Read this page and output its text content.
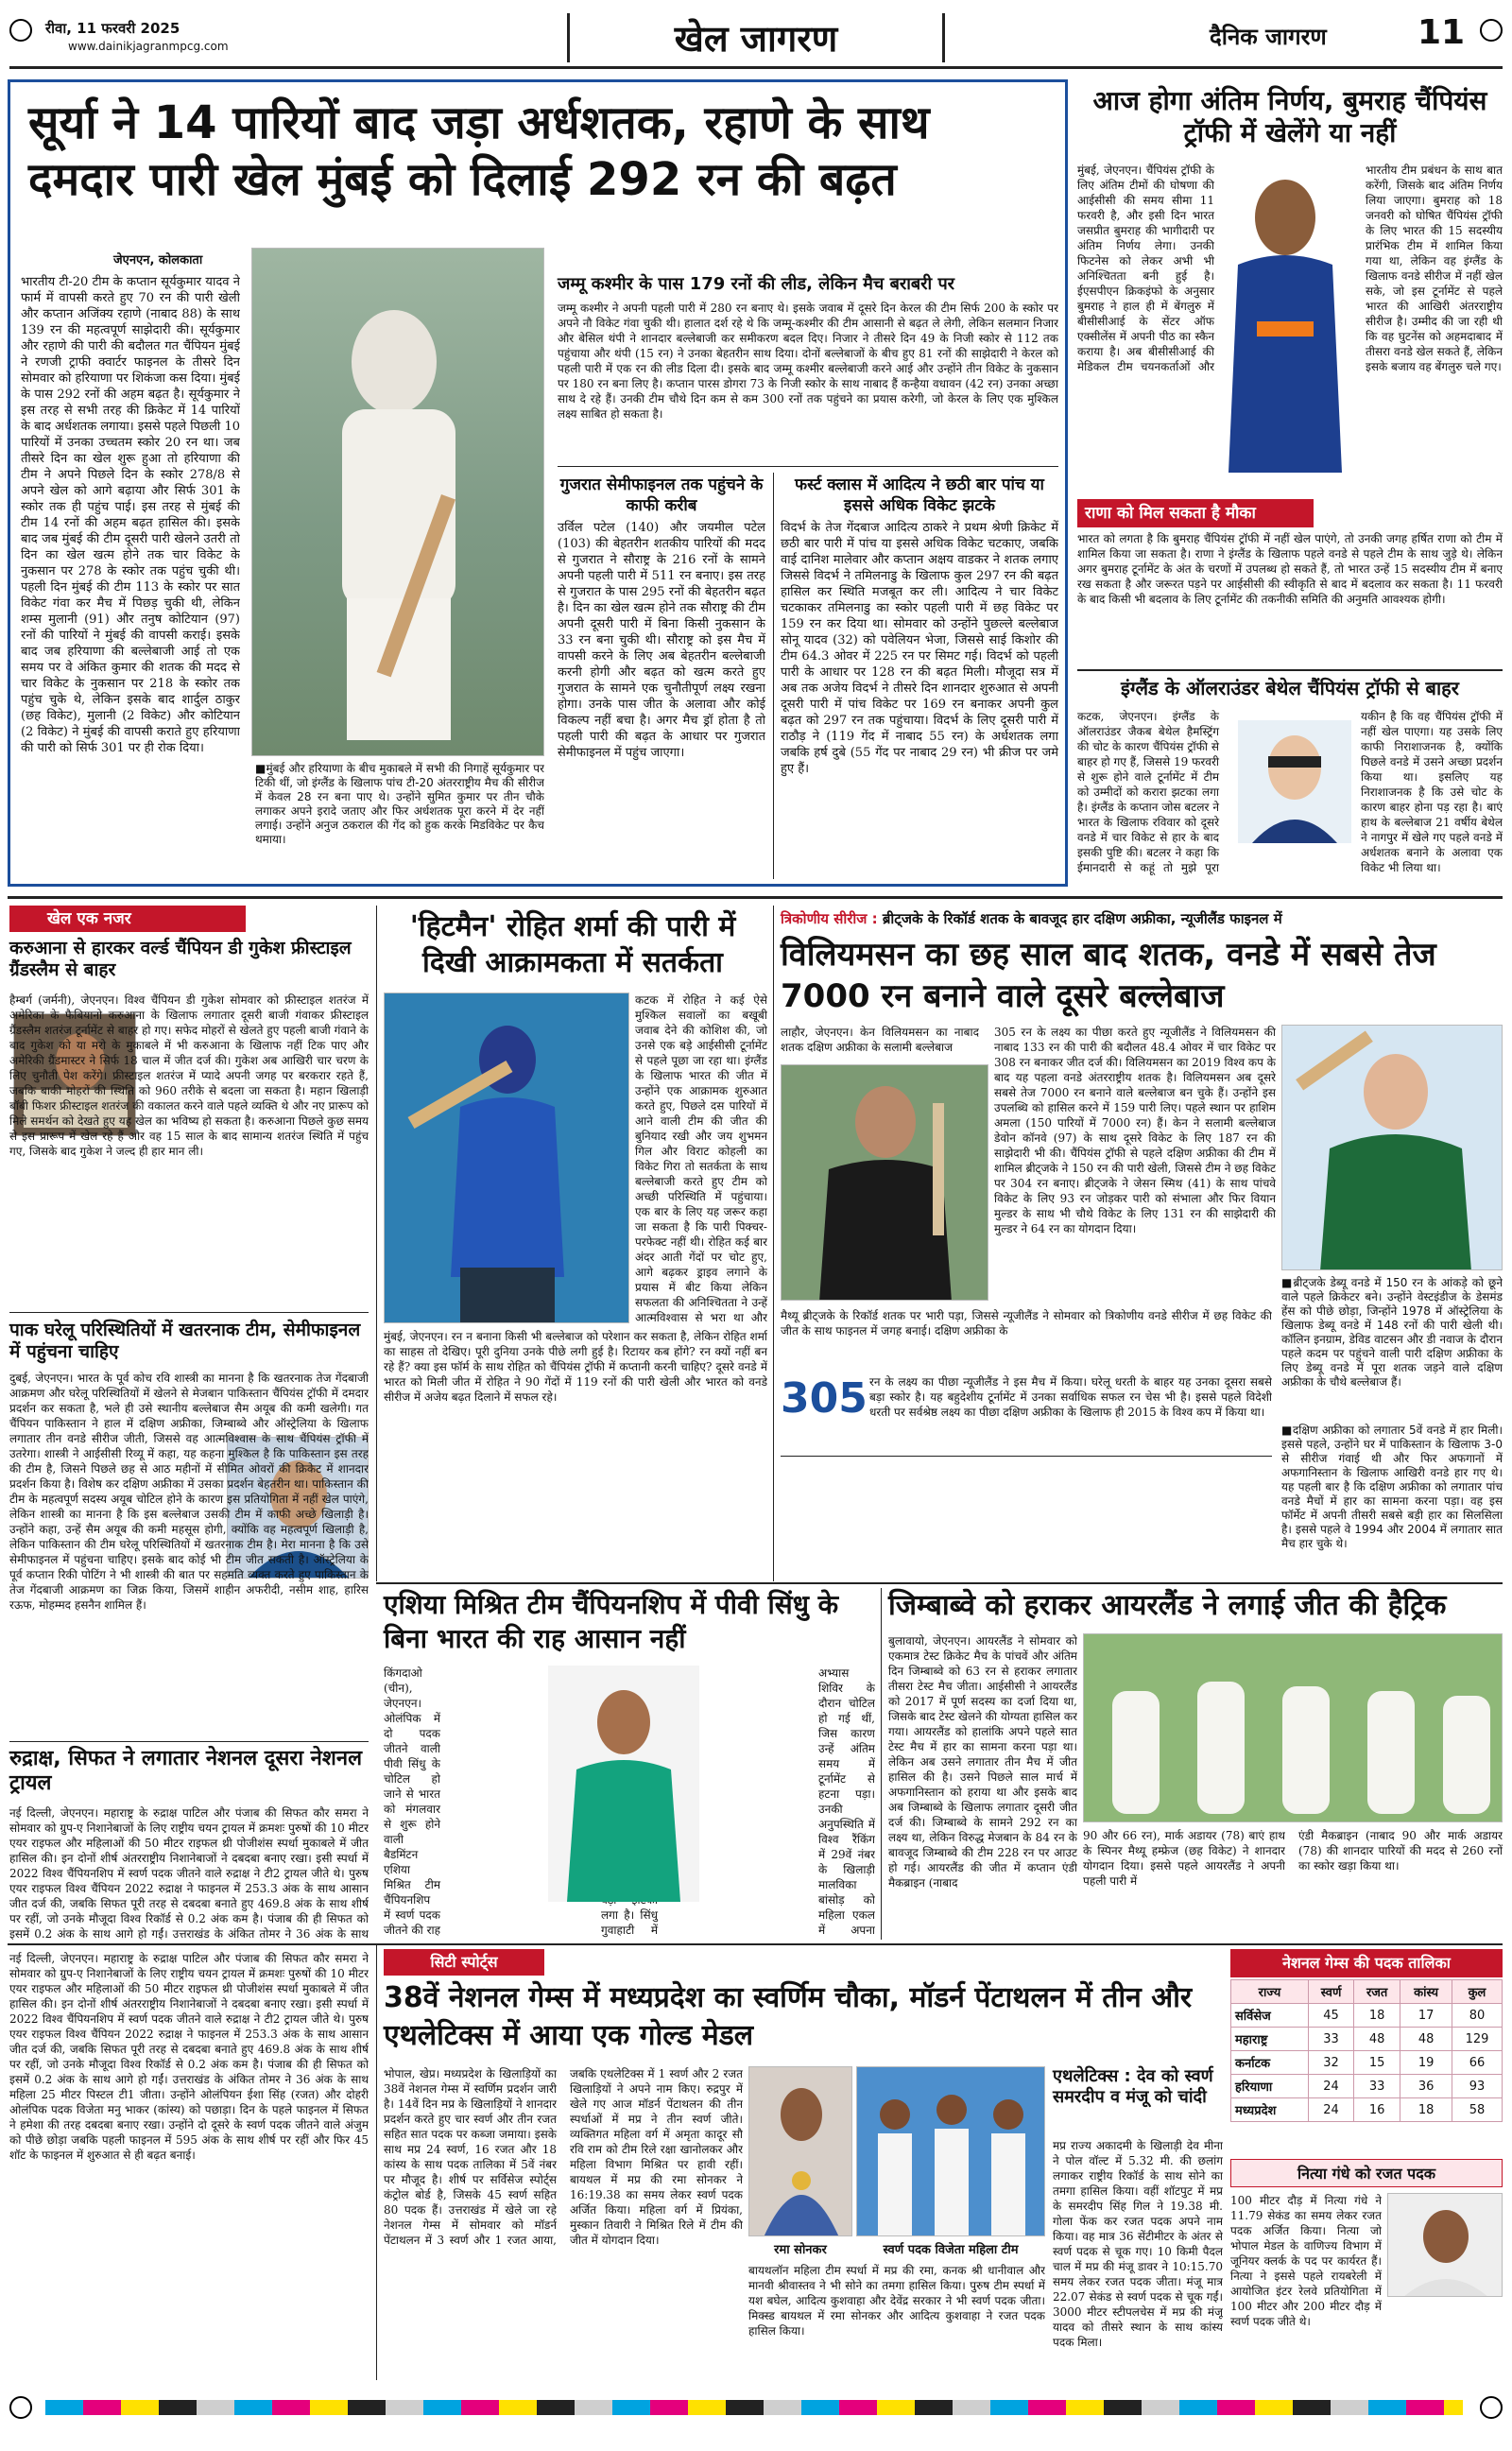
रीवा, 11 फरवरी 2025
www.dainikjagranmpcg.com	खेल जागरण	दैनिक जागरण	11
सूर्या ने 14 पारियों बाद जड़ा अर्धशतक, रहाणे के साथ दमदार पारी खेल मुंबई को दिलाई 292 रन की बढ़त
जेएनएन, कोलकाता
भारतीय टी-20 टीम के कप्तान सूर्यकुमार यादव ने फार्म में वापसी करते हुए 70 रन की पारी खेली और कप्तान अजिंक्य रहाणे (नाबाद 88) के साथ 139 रन की महत्वपूर्ण साझेदारी की। सूर्यकुमार और रहाणे की पारी की बदौलत गत चैंपियन मुंबई ने रणजी ट्राफी क्वार्टर फाइनल के तीसरे दिन सोमवार को हरियाणा पर शिकंजा कस दिया। मुंबई के पास 292 रनों की अहम बढ़त है। सूर्यकुमार ने इस तरह से सभी तरह की क्रिकेट में 14 पारियों के बाद अर्धशतक लगाया। इससे पहले पिछली 10 पारियों में उनका उच्चतम स्कोर 20 रन था। जब तीसरे दिन का खेल शुरू हुआ तो हरियाणा की टीम ने अपने पिछले दिन के स्कोर 278/8 से अपने खेल को आगे बढ़ाया और सिर्फ 301 के स्कोर तक ही पहुंच पाई। इस तरह से मुंबई की टीम 14 रनों की अहम बढ़त हासिल की। इसके बाद जब मुंबई की टीम दूसरी पारी खेलने उतरी तो दिन का खेल खत्म होने तक चार विकेट के नुकसान पर 278 के स्कोर तक पहुंच चुकी थी। पहली दिन मुंबई की टीम 113 के स्कोर पर सात विकेट गंवा कर मैच में पिछड़ चुकी थी, लेकिन शम्स मुलानी (91) और तनुष कोटियान (97) रनों की पारियों ने मुंबई की वापसी कराई। इसके बाद जब हरियाणा की बल्लेबाजी आई तो एक समय पर वे अंकित कुमार की शतक की मदद से चार विकेट के नुकसान पर 218 के स्कोर तक पहुंच चुके थे, लेकिन इसके बाद शार्दुल ठाकुर (छह विकेट), मुलानी (2 विकेट) और कोटियान (2 विकेट) ने मुंबई की वापसी कराते हुए हरियाणा की पारी को सिर्फ 301 पर ही रोक दिया।
■ मुंबई और हरियाणा के बीच मुकाबले में सभी की निगाहें सूर्यकुमार पर टिकी थीं, जो इंग्लैंड के खिलाफ पांच टी-20 अंतरराष्ट्रीय मैच की सीरीज में केवल 28 रन बना पाए थे। उन्होंने सुमित कुमार पर तीन चौके लगाकर अपने इरादे जताए और फिर अर्धशतक पूरा करने में देर नहीं लगाई। उन्होंने अनुज ठकराल की गेंद को हुक करके मिडविकेट पर कैच थमाया।
जम्मू कश्मीर के पास 179 रनों की लीड, लेकिन मैच बराबरी पर
जम्मू कश्मीर ने अपनी पहली पारी में 280 रन बनाए थे। इसके जवाब में दूसरे दिन केरल की टीम सिर्फ 200 के स्कोर पर अपने नौ विकेट गंवा चुकी थी। हालात दर्श रहे थे कि जम्मू-कश्मीर की टीम आसानी से बढ़त ले लेगी, लेकिन सलमान निजार और बेसिल थंपी ने शानदार बल्लेबाजी कर समीकरण बदल दिए। निजार ने तीसरे दिन 49 के निजी स्कोर से 112 तक पहुंचाया और थंपी (15 रन) ने उनका बेहतरीन साथ दिया। दोनों बल्लेबाजों के बीच हुए 81 रनों की साझेदारी ने केरल को पहली पारी में एक रन की लीड दिला दी। इसके बाद जम्मू कश्मीर बल्लेबाजी करने आई और उन्होंने तीन विकेट के नुकसान पर 180 रन बना लिए है। कप्तान पारस डोगरा 73 के निजी स्कोर के साथ नाबाद हैं कन्हैया वधावन (42 रन) उनका अच्छा साथ दे रहे हैं। उनकी टीम चौथे दिन कम से कम 300 रनों तक पहुंचने का प्रयास करेगी, जो केरल के लिए एक मुश्किल लक्ष्य साबित हो सकता है।
गुजरात सेमीफाइनल तक पहुंचने के काफी करीब
उर्विल पटेल (140) और जयमील पटेल (103) की बेहतरीन शतकीय पारियों की मदद से गुजरात ने सौराष्ट्र के 216 रनों के सामने अपनी पहली पारी में 511 रन बनाए। इस तरह से गुजरात के पास 295 रनों की बेहतरीन बढ़त है। दिन का खेल खत्म होने तक सौराष्ट्र की टीम अपनी दूसरी पारी में बिना किसी नुकसान के 33 रन बना चुकी थी। सौराष्ट्र को इस मैच में वापसी करने के लिए अब बेहतरीन बल्लेबाजी करनी होगी और बढ़त को खत्म करते हुए गुजरात के सामने एक चुनौतीपूर्ण लक्ष्य रखना होगा। उनके पास जीत के अलावा और कोई विकल्प नहीं बचा है। अगर मैच ड्रॉ होता है तो पहली पारी की बढ़त के आधार पर गुजरात सेमीफाइनल में पहुंच जाएगा।
फर्स्ट क्लास में आदित्य ने छठी बार पांच या इससे अधिक विकेट झटके
विदर्भ के तेज गेंदबाज आदित्य ठाकरे ने प्रथम श्रेणी क्रिकेट में छठी बार पारी में पांच या इससे अधिक विकेट चटकाए, जबकि वाई दानिश मालेवार और कप्तान अक्षय वाडकर ने शतक लगाए जिससे विदर्भ ने तमिलनाडु के खिलाफ कुल 297 रन की बढ़त हासिल कर स्थिति मजबूत कर ली। आदित्य ने चार विकेट चटकाकर तमिलनाडु का स्कोर पहली पारी में छह विकेट पर 159 रन कर दिया था। सोमवार को उन्होंने पुछल्ले बल्लेबाज सोनू यादव (32) को पवेलियन भेजा, जिससे साई किशोर की टीम 64.3 ओवर में 225 रन पर सिमट गई। विदर्भ को पहली पारी के आधार पर 128 रन की बढ़त मिली। मौजूदा सत्र में अब तक अजेय विदर्भ ने तीसरे दिन शानदार शुरुआत से अपनी दूसरी पारी में पांच विकेट पर 169 रन बनाकर अपनी कुल बढ़त को 297 रन तक पहुंचाया। विदर्भ के लिए दूसरी पारी में राठौड़ ने (119 गेंद में नाबाद 55 रन) के अर्धशतक लगा जबकि हर्ष दुबे (55 गेंद पर नाबाद 29 रन) भी क्रीज पर जमे हुए हैं।
आज होगा अंतिम निर्णय, बुमराह चैंपियंस ट्रॉफी में खेलेंगे या नहीं
मुंबई, जेएनएन। चैंपियंस ट्रॉफी के लिए अंतिम टीमों की घोषणा की आईसीसी की समय सीमा 11 फरवरी है, और इसी दिन भारत जसप्रीत बुमराह की भागीदारी पर अंतिम निर्णय लेगा। उनकी फिटनेस को लेकर अभी भी अनिश्चितता बनी हुई है। ईएसपीएन क्रिकइंफो के अनुसार बुमराह ने हाल ही में बेंगलुरु में बीसीसीआई के सेंटर ऑफ एक्सीलेंस में अपनी पीठ का स्कैन कराया है। अब बीसीसीआई की मेडिकल टीम चयनकर्ताओं और भारतीय टीम प्रबंधन के साथ बात करेंगी, जिसके बाद अंतिम निर्णय लिया जाएगा। बुमराह को 18 जनवरी को घोषित चैंपियंस ट्रॉफी के लिए भारत की 15 सदस्यीय प्रारंभिक टीम में शामिल किया गया था, लेकिन वह इंग्लैंड के खिलाफ वनडे सीरीज में नहीं खेल सके, जो इस टूर्नामेंट से पहले भारत की आखिरी अंतरराष्ट्रीय सीरीज है। उम्मीद की जा रही थी कि वह घुटनेंस को अहमदाबाद में तीसरा वनडे खेल सकते हैं, लेकिन इसके बजाय वह बेंगलुरु चले गए।
राणा को मिल सकता है मौका
भारत को लगता है कि बुमराह चैंपियंस ट्रॉफी में नहीं खेल पाएंगे, तो उनकी जगह हर्षित राणा को टीम में शामिल किया जा सकता है। राणा ने इंग्लैंड के खिलाफ पहले वनडे से पहले टीम के साथ जुड़े थे। लेकिन अगर बुमराह टूर्नामेंट के अंत के चरणों में उपलब्ध हो सकते हैं, तो भारत उन्हें 15 सदस्यीय टीम में बनाए रख सकता है और जरूरत पड़ने पर आईसीसी की स्वीकृति से बाद में बदलाव कर सकता है। 11 फरवरी के बाद किसी भी बदलाव के लिए टूर्नामेंट की तकनीकी समिति की अनुमति आवश्यक होगी।
इंग्लैंड के ऑलराउंडर बेथेल चैंपियंस ट्रॉफी से बाहर
कटक, जेएनएन। इंग्लैंड के ऑलराउंडर जैकब बेथेल हैमस्ट्रिंग की चोट के कारण चैंपियंस ट्रॉफी से बाहर हो गए हैं, जिससे 19 फरवरी से शुरू होने वाले टूर्नामेंट में टीम को उम्मीदों को करारा झटका लगा है। इंग्लैंड के कप्तान जोस बटलर ने भारत के खिलाफ रविवार को दूसरे वनडे में चार विकेट से हार के बाद इसकी पुष्टि की। बटलर ने कहा कि ईमानदारी से कहूं तो मुझे पूरा यकीन है कि वह चैंपियंस ट्रॉफी में नहीं खेल पाएगा। यह उसके लिए काफी निराशाजनक है, क्योंकि पिछले वनडे में उसने अच्छा प्रदर्शन किया था। इसलिए यह निराशाजनक है कि उसे चोट के कारण बाहर होना पड़ रहा है। बाएं हाथ के बल्लेबाज 21 वर्षीय बेथेल ने नागपुर में खेले गए पहले वनडे में अर्धशतक बनाने के अलावा एक विकेट भी लिया था।
खेल एक नजर
करुआना से हारकर वर्ल्ड चैंपियन डी गुकेश फ्रीस्टाइल ग्रैंडस्लैम से बाहर
हैम्बर्ग (जर्मनी), जेएनएन। विश्व चैंपियन डी गुकेश सोमवार को फ्रीस्टाइल शतरंज में अमेरिका के फैबियानो करुआना के खिलाफ लगातार दूसरी बाजी गंवाकर फ्रीस्टाइल ग्रैंडस्लैम शतरंज टूर्नामेंट से बाहर हो गए। सफेद मोहरों से खेलते हुए पहली बाजी गंवाने के बाद गुकेश को या मरो के मुकाबले में भी करुआना के खिलाफ नहीं टिक पाए और अमेरिकी ग्रैंडमास्टर ने सिर्फ 18 चाल में जीत दर्ज की। गुकेश अब आखिरी चार चरण के लिए चुनौती पेश करेंगे। फ्रीस्टाइल शतरंज में प्यादे अपनी जगह पर बरकरार रहते हैं, जबकि बाकी मोहरों की स्थिति को 960 तरीके से बदला जा सकता है। महान खिलाड़ी बॉबी फिशर फ्रीस्टाइल शतरंज की वकालत करने वाले पहले व्यक्ति थे और नए प्रारूप को मिले समर्थन को देखते हुए यह खेल का भविष्य हो सकता है। करुआना पिछले कुछ समय से इस प्रारूप में खेल रहे हैं और वह 15 साल के बाद सामान्य शतरंज स्थिति में पहुंच गए, जिसके बाद गुकेश ने जल्द ही हार मान ली।
पाक घरेलू परिस्थितियों में खतरनाक टीम, सेमीफाइनल में पहुंचना चाहिए
दुबई, जेएनएन। भारत के पूर्व कोच रवि शास्त्री का मानना है कि खतरनाक तेज गेंदबाजी आक्रमण और घरेलू परिस्थितियों में खेलने से मेजबान पाकिस्तान चैंपियंस ट्रॉफी में दमदार प्रदर्शन कर सकता है, भले ही उसे स्थानीय बल्लेबाज सैम अयूब की कमी खलेगी। गत चैंपियन पाकिस्तान ने हाल में दक्षिण अफ्रीका, जिम्बाब्वे और ऑस्ट्रेलिया के खिलाफ लगातार तीन वनडे सीरीज जीती, जिससे वह आत्मविश्वास के साथ चैंपियंस ट्रॉफी में उतरेगा। शास्त्री ने आईसीसी रिव्यू में कहा, यह कहना मुश्किल है कि पाकिस्तान इस तरह की टीम है, जिसने पिछले छह से आठ महीनों में सीमित ओवरों की क्रिकेट में शानदार प्रदर्शन किया है। विशेष कर दक्षिण अफ्रीका में उसका प्रदर्शन बेहतरीन था। पाकिस्तान की टीम के महत्वपूर्ण सदस्य अयूब चोटिल होने के कारण इस प्रतियोगिता में नहीं खेल पाएंगे, लेकिन शास्त्री का मानना है कि इस बल्लेबाज उसकी टीम में काफी अच्छे खिलाड़ी है। उन्होंने कहा, उन्हें सैम अयूब की कमी महसूस होगी, क्योंकि वह महत्वपूर्ण खिलाड़ी है, लेकिन पाकिस्तान की टीम घरेलू परिस्थितियों में खतरनाक टीम है। मेरा मानना है कि उसे सेमीफाइनल में पहुंचना चाहिए। इसके बाद कोई भी टीम जीत सकती है। ऑस्ट्रेलिया के पूर्व कप्तान रिकी पोटिंग ने भी शास्त्री की बात पर सहमति व्यक्त करते हुए पाकिस्तान के तेज गेंदबाजी आक्रमण का जिक्र किया, जिसमें शाहीन अफरीदी, नसीम शाह, हारिस रऊफ, मोहम्मद हसनैन शामिल हैं।
'हिटमैन' रोहित शर्मा की पारी में दिखी आक्रामकता में सतर्कता
कटक में रोहित ने कई ऐसे मुश्किल सवालों का बखूबी जवाब देने की कोशिश की, जो उनसे एक बड़े आईसीसी टूर्नामेंट से पहले पूछा जा रहा था। इंग्लैंड के खिलाफ भारत की जीत में उन्होंने एक आक्रामक शुरुआत करते हुए, पिछले दस पारियों में आने वाली टीम की जीत की बुनियाद रखी और जय शुभमन गिल और विराट कोहली का विकेट गिरा तो सतर्कता के साथ बल्लेबाजी करते हुए टीम को अच्छी परिस्थिति में पहुंचाया। एक बार के लिए यह जरूर कहा जा सकता है कि पारी पिक्चर-परफेक्ट नहीं थी। रोहित कई बार अंदर आती गेंदों पर चोट हुए, आगे बढ़कर ड्राइव लगाने के प्रयास में बीट किया लेकिन सफलता की अनिश्चितता ने उन्हें आत्मविश्वास से भरा था और
मुंबई, जेएनएन। रन न बनाना किसी भी बल्लेबाज को परेशान कर सकता है, लेकिन रोहित शर्मा का साहस तो देखिए। पूरी दुनिया उनके पीछे लगी हुई है। रिटायर कब होंगे? रन क्यों नहीं बन रहे हैं? क्या इस फॉर्म के साथ रोहित को चैंपियंस ट्रॉफी में कप्तानी करनी चाहिए? दूसरे वनडे में भारत को मिली जीत में रोहित ने 90 गेंदों में 119 रनों की पारी खेली और भारत को वनडे सीरीज में अजेय बढ़त दिलाने में सफल रहे।
त्रिकोणीय सीरीज : ब्रीट्जके के रिकॉर्ड शतक के बावजूद हार दक्षिण अफ्रीका, न्यूजीलैंड फाइनल में
विलियमसन का छह साल बाद शतक, वनडे में सबसे तेज 7000 रन बनाने वाले दूसरे बल्लेबाज
लाहौर, जेएनएन। केन विलियमसन का नाबाद शतक दक्षिण अफ्रीका के सलामी बल्लेबाज
305 रन के लक्ष्य का पीछा करते हुए न्यूजीलैंड ने विलियमसन की नाबाद 133 रन की पारी की बदौलत 48.4 ओवर में चार विकेट पर 308 रन बनाकर जीत दर्ज की। विलियमसन का 2019 विश्व कप के बाद यह पहला वनडे अंतरराष्ट्रीय शतक है। विलियमसन अब दूसरे सबसे तेज 7000 रन बनाने वाले बल्लेबाज बन चुके हैं। उन्होंने इस उपलब्धि को हासिल करने में 159 पारी लिए। पहले स्थान पर हाशिम अमला (150 पारियों में 7000 रन) हैं। केन ने सलामी बल्लेबाज डेवोन कॉनवे (97) के साथ दूसरे विकेट के लिए 187 रन की साझेदारी भी की। चैंपियंस ट्रॉफी से पहले दक्षिण अफ्रीका की टीम में शामिल ब्रीट्जके ने 150 रन की पारी खेली, जिससे टीम ने छह विकेट पर 304 रन बनाए। ब्रीट्जके ने जेसन स्मिथ (41) के साथ पांचवे विकेट के लिए 93 रन जोड़कर पारी को संभाला और फिर वियान मुल्डर के साथ भी चौथे विकेट के लिए 131 रन की साझेदारी की मुल्डर ने 64 रन का योगदान दिया।
■ ब्रीट्जके डेब्यू वनडे में 150 रन के आंकड़े को छूने वाले पहले क्रिकेटर बने। उन्होंने वेस्टइंडीज के डेसमंड हेंस को पीछे छोड़ा, जिन्होंने 1978 में ऑस्ट्रेलिया के खिलाफ डेब्यू वनडे में 148 रनों की पारी खेली थी। कॉलिन इनग्राम, डेविड वाटसन और डी नवाज के दौरान पहले कदम पर पहुंचने वाली पारी दक्षिण अफ्रीका के लिए डेब्यू वनडे में पूरा शतक जड़ने वाले दक्षिण अफ्रीका के चौथे बल्लेबाज हैं।
मैथ्यू ब्रीट्जके के रिकॉर्ड शतक पर भारी पड़ा, जिससे न्यूजीलैंड ने सोमवार को त्रिकोणीय वनडे सीरीज में छह विकेट की जीत के साथ फाइनल में जगह बनाई। दक्षिण अफ्रीका के
305 रन के लक्ष्य का पीछा न्यूजीलैंड ने इस मैच में किया। घरेलू धरती के बाहर यह उनका दूसरा सबसे बड़ा स्कोर है। यह बहुदेशीय टूर्नामेंट में उनका सर्वाधिक सफल रन चेस भी है। इससे पहले विदेशी धरती पर सर्वश्रेष्ठ लक्ष्य का पीछा दक्षिण अफ्रीका के खिलाफ ही 2015 के विश्व कप में किया था।
■ दक्षिण अफ्रीका को लगातार 5वें वनडे में हार मिली। इससे पहले, उन्होंने घर में पाकिस्तान के खिलाफ 3-0 से सीरीज गंवाई थी और फिर अफगानों में अफगानिस्तान के खिलाफ आखिरी वनडे हार गए थे। यह पहली बार है कि दक्षिण अफ्रीका को लगातार पांच वनडे मैचों में हार का सामना करना पड़ा। वह इस फॉर्मेट में अपनी तीसरी सबसे बड़ी हार का सिलसिला है। इससे पहले वे 1994 और 2004 में लगातार सात मैच हार चुके थे।
एशिया मिश्रित टीम चैंपियनशिप में पीवी सिंधु के बिना भारत की राह आसान नहीं
किंगदाओ (चीन), जेएनएन। ओलंपिक में दो पदक जीतने वाली पीवी सिंधु के चोटिल हो जाने से भारत को मंगलवार से शुरू होने वाली बैडमिंटन एशिया मिश्रित टीम चैंपियनशिप में स्वर्ण पदक जीतने की राह लगा है। सिंधु गुवाहाटी में अभ्यास शिविर के दौरान चोटिल हो गई थीं, जिस कारण उन्हें अंतिम समय में टूर्नामेंट से हटना पड़ा। उनकी अनुपस्थिति में विश्व रैंकिंग में 29वें नंबर के खिलाड़ी मालविका बांसोड़ को महिला एकल में अपना
जिम्बाब्वे को हराकर आयरलैंड ने लगाई जीत की हैट्रिक
बुलावायो, जेएनएन। आयरलैंड ने सोमवार को एकमात्र टेस्ट क्रिकेट मैच के पांचवें और अंतिम दिन जिम्बाब्वे को 63 रन से हराकर लगातार तीसरा टेस्ट मैच जीता। आईसीसी ने आयरलैंड को 2017 में पूर्ण सदस्य का दर्जा दिया था, जिसके बाद टेस्ट खेलने की योग्यता हासिल कर गया। आयरलैंड को हालांकि अपने पहले सात टेस्ट मैच में हार का सामना करना पड़ा था। लेकिन अब उसने लगातार तीन मैच में जीत हासिल की है। उसने पिछले साल मार्च में अफगानिस्तान को हराया था और इसके बाद अब जिम्बाब्वे के खिलाफ लगातार दूसरी जीत दर्ज की। जिम्बाब्वे के सामने 292 रन का लक्ष्य था, लेकिन विरुद्ध मेजबान के 84 रन के बावजूद जिम्बाब्वे की टीम 228 रन पर आउट हो गई। आयरलैंड की जीत में कप्तान एंडी मैकब्राइन (नाबाद
90 और 66 रन), मार्क अडायर (78) बाएं हाथ के स्पिनर मैथ्यू हम्फ्रेज (छह विकेट) ने शानदार योगदान दिया। इससे पहले आयरलैंड ने अपनी पहली पारी में
एंडी मैकब्राइन (नाबाद 90 और मार्क अडायर (78) की शानदार पारियों की मदद से 260 रनों का स्कोर खड़ा किया था।
रुद्राक्ष, सिफत ने लगातार नेशनल दूसरा नेशनल ट्रायल
नई दिल्ली, जेएनएन। महाराष्ट्र के रुद्राक्ष पाटिल और पंजाब की सिफत कौर समरा ने सोमवार को ग्रुप-ए निशानेबाजों के लिए राष्ट्रीय चयन ट्रायल में क्रमशः पुरुषों की 10 मीटर एयर राइफल और महिलाओं की 50 मीटर राइफल थ्री पोजीशंस स्पर्धा मुकाबले में जीत हासिल की। इन दोनों शीर्ष अंतरराष्ट्रीय निशानेबाजों ने दबदबा बनाए रखा। इसी स्पर्धा में 2022 विश्व चैंपियनशिप में स्वर्ण पदक जीतने वाले रुद्राक्ष ने टी2 ट्रायल जीते थे। पुरुष एयर राइफल विश्व चैंपियन 2022 रुद्राक्ष ने फाइनल में 253.3 अंक के साथ आसान जीत दर्ज की, जबकि सिफत पूरी तरह से दबदबा बनाते हुए 469.8 अंक के साथ शीर्ष पर रहीं, जो उनके मौजूदा विश्व रिकॉर्ड से 0.2 अंक कम है। पंजाब की ही सिफत को इसमें 0.2 अंक के साथ आगे हो गईं। उत्तराखंड के अंकित तोमर ने 36 अंक के साथ
नई दिल्ली, जेएनएन। महाराष्ट्र के रुद्राक्ष पाटिल और पंजाब की सिफत कौर समरा ने सोमवार को ग्रुप-ए निशानेबाजों के लिए राष्ट्रीय चयन ट्रायल में क्रमशः पुरुषों की 10 मीटर एयर राइफल और महिलाओं की 50 मीटर राइफल थ्री पोजीशंस स्पर्धा मुकाबले में जीत हासिल की। इन दोनों शीर्ष अंतरराष्ट्रीय निशानेबाजों ने दबदबा बनाए रखा। इसी स्पर्धा में 2022 विश्व चैंपियनशिप में स्वर्ण पदक जीतने वाले रुद्राक्ष ने टी2 ट्रायल जीते थे। पुरुष एयर राइफल विश्व चैंपियन 2022 रुद्राक्ष ने फाइनल में 253.3 अंक के साथ आसान जीत दर्ज की, जबकि सिफत पूरी तरह से दबदबा बनाते हुए 469.8 अंक के साथ शीर्ष पर रहीं, जो उनके मौजूदा विश्व रिकॉर्ड से 0.2 अंक कम है। पंजाब की ही सिफत को इसमें 0.2 अंक के साथ आगे हो गईं। उत्तराखंड के अंकित तोमर ने 36 अंक के साथ महिला 25 मीटर पिस्टल टी1 जीता। उन्होंने ओलंपियन ईशा सिंह (रजत) और दोहरी ओलंपिक पदक विजेता मनु भाकर (कांस्य) को पछाड़ा। दिन के पहले फाइनल में सिफत ने हमेशा की तरह दबदबा बनाए रखा। उन्होंने दो दूसरे के स्वर्ण पदक जीतने वाले अंजुम को पीछे छोड़ा जबकि पहली फाइनल में 595 अंक के साथ शीर्ष पर रहीं और फिर 45 शॉट के फाइनल में शुरुआत से ही बढ़त बनाई।
सिटी स्पोर्ट्स
38वें नेशनल गेम्स में मध्यप्रदेश का स्वर्णिम चौका, मॉडर्न पेंटाथलन में तीन और एथलेटिक्स में आया एक गोल्ड मेडल
भोपाल, खेप्र। मध्यप्रदेश के खिलाड़ियों का 38वें नेशनल गेम्स में स्वर्णिम प्रदर्शन जारी है। 14वें दिन मप्र के खिलाड़ियों ने शानदार प्रदर्शन करते हुए चार स्वर्ण और तीन रजत सहित सात पदक पर कब्जा जमाया। इसके साथ मप्र 24 स्वर्ण, 16 रजत और 18 कांस्य के साथ पदक तालिका में 5वें नंबर पर मौजूद है। शीर्ष पर सर्विसेज स्पोर्ट्स कंट्रोल बोर्ड है, जिसके 45 स्वर्ण सहित 80 पदक हैं। उत्तराखंड में खेले जा रहे नेशनल गेम्स में सोमवार को मॉडर्न पेंटाथलन में 3 स्वर्ण और 1 रजत आया, जबकि एथलेटिक्स में 1 स्वर्ण और 2 रजत खिलाड़ियों ने अपने नाम किए। रुद्रपुर में खेले गए आज मॉडर्न पेंटाथलन की तीन स्पर्धाओं में मप्र ने तीन स्वर्ण जीते। व्यक्तिगत महिला वर्ग में अमृता कादूर सौ रवि राम को टीम रिले रक्षा खानोलकर और महिला विभाग मिश्रित पर हावी रहीं। बायथल में मप्र की रमा सोनकर ने 16:19.38 का समय लेकर स्वर्ण पदक अर्जित किया। महिला वर्ग में प्रियंका, मुस्कान तिवारी ने मिश्रित रिले में टीम की जीत में योगदान दिया।
रमा सोनकर	स्वर्ण पदक विजेता महिला टीम
बायथलॉन महिला टीम स्पर्धा में मप्र की रमा, कनक श्री धानीवाल और मानवी श्रीवास्तव ने भी सोने का तमगा हासिल किया। पुरुष टीम स्पर्धा में यश बघेल, आदित्य कुशवाहा और देवेंद्र सरकार ने भी स्वर्ण पदक जीता। मिक्स्ड बायथल में रमा सोनकर और आदित्य कुशवाहा ने रजत पदक हासिल किया।
एथलेटिक्स : देव को स्वर्ण समरदीप व मंजू को चांदी
मप्र राज्य अकादमी के खिलाड़ी देव मीना ने पोल वॉल्ट में 5.32 मी. की छलांग लगाकर राष्ट्रीय रिकॉर्ड के साथ सोने का तमगा हासिल किया। वहीं शॉटपुट में मप्र के समरदीप सिंह गिल ने 19.38 मी. गोला फेंक कर रजत पदक अपने नाम किया। वह मात्र 36 सेंटीमीटर के अंतर से स्वर्ण पदक से चूक गए। 10 किमी पैदल चाल में मप्र की मंजू डावर ने 10:15.70 समय लेकर रजत पदक जीता। मंजू मात्र 22.07 सेकंड से स्वर्ण पदक से चूक गईं। 3000 मीटर स्टीपलचेस में मप्र की मंजू यादव को तीसरे स्थान के साथ कांस्य पदक मिला।
नेशनल गेम्स की पदक तालिका
राज्य	स्वर्ण	रजत	कांस्य	कुल
सर्विसेज	45	18	17	80
महाराष्ट्र	33	48	48	129
कर्नाटक	32	15	19	66
हरियाणा	24	33	36	93
मध्यप्रदेश	24	16	18	58
नित्या गंधे को रजत पदक
100 मीटर दौड़ में नित्या गंधे ने 11.79 सेकंड का समय लेकर रजत पदक अर्जित किया। नित्या जो भोपाल मेडल के वाणिज्य विभाग में जूनियर क्लर्क के पद पर कार्यरत हैं। नित्या ने इससे पहले रायबरेली में आयोजित इंटर रेलवे प्रतियोगिता में 100 मीटर और 200 मीटर दौड़ में स्वर्ण पदक जीते थे।
